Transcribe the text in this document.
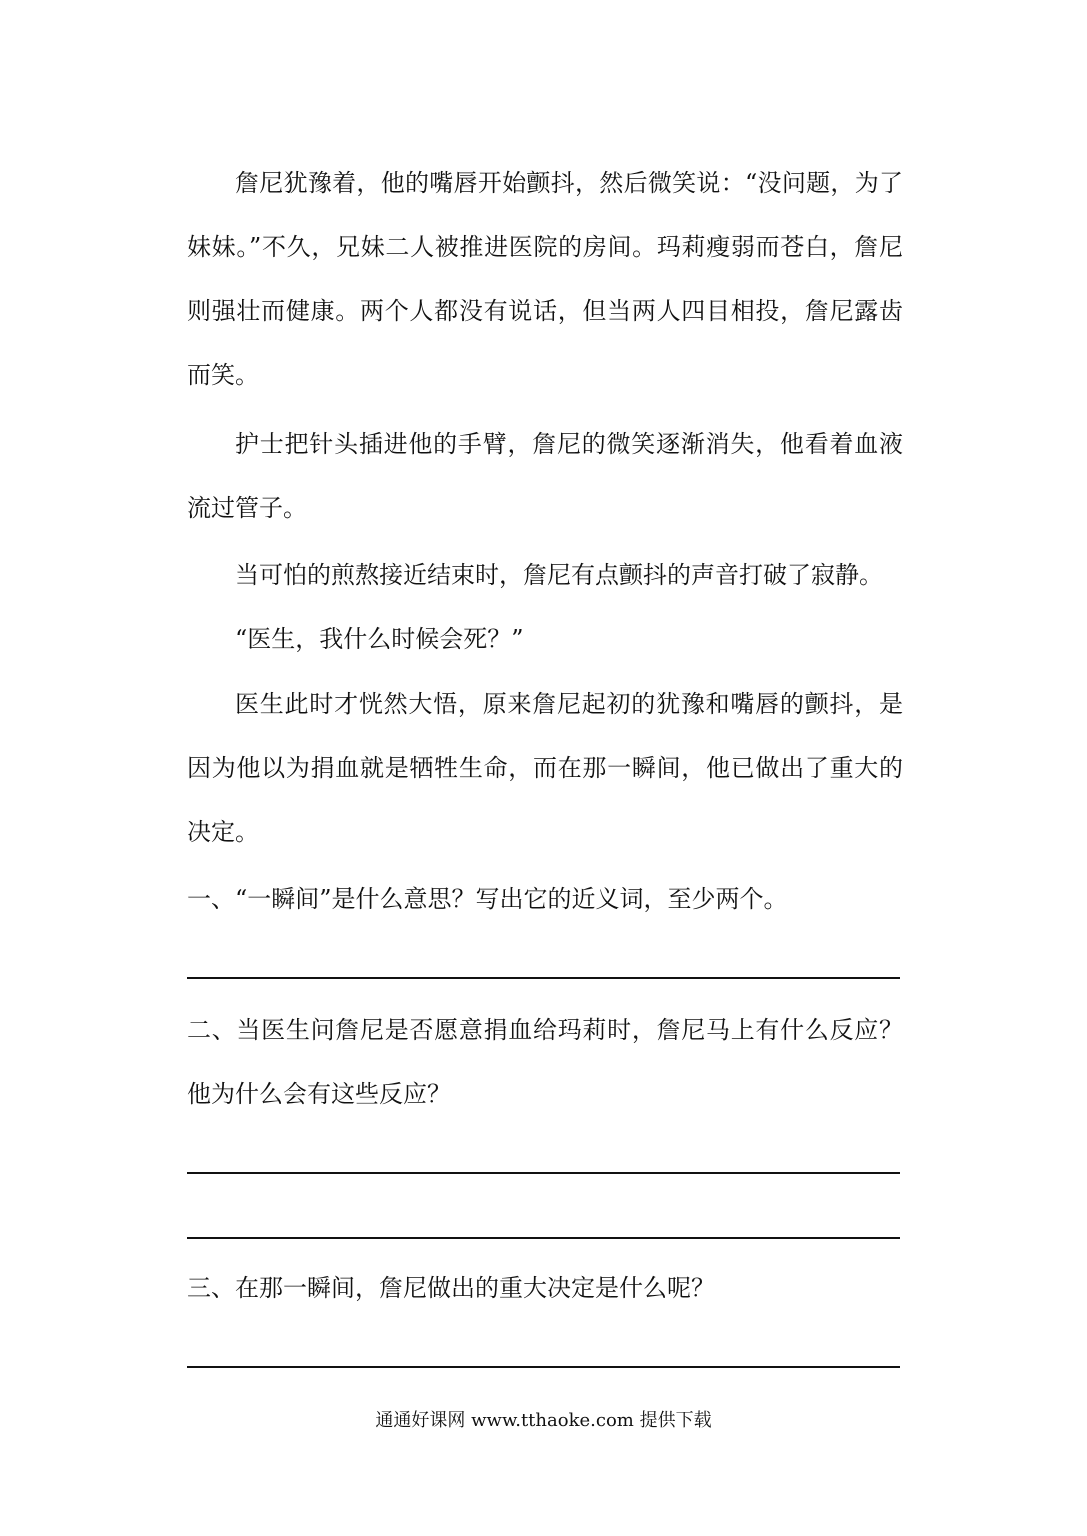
詹尼犹豫着，他的嘴唇开始颤抖，然后微笑说：“没问题，为了妹妹。”不久，兄妹二人被推进医院的房间。玛莉瘦弱而苍白，詹尼则强壮而健康。两个人都没有说话，但当两人四目相投，詹尼露齿而笑。

护士把针头插进他的手臂，詹尼的微笑逐渐消失，他看着血液流过管子。

当可怕的煎熬接近结束时，詹尼有点颤抖的声音打破了寂静。

“医生，我什么时候会死？”

医生此时才恍然大悟，原来詹尼起初的犹豫和嘴唇的颤抖，是因为他以为捐血就是牺牲生命，而在那一瞬间，他已做出了重大的决定。

一、“一瞬间”是什么意思？写出它的近义词，至少两个。

二、当医生问詹尼是否愿意捐血给玛莉时，詹尼马上有什么反应？他为什么会有这些反应？

三、在那一瞬间，詹尼做出的重大决定是什么呢？

通通好课网 www.tthaoke.com 提供下载
